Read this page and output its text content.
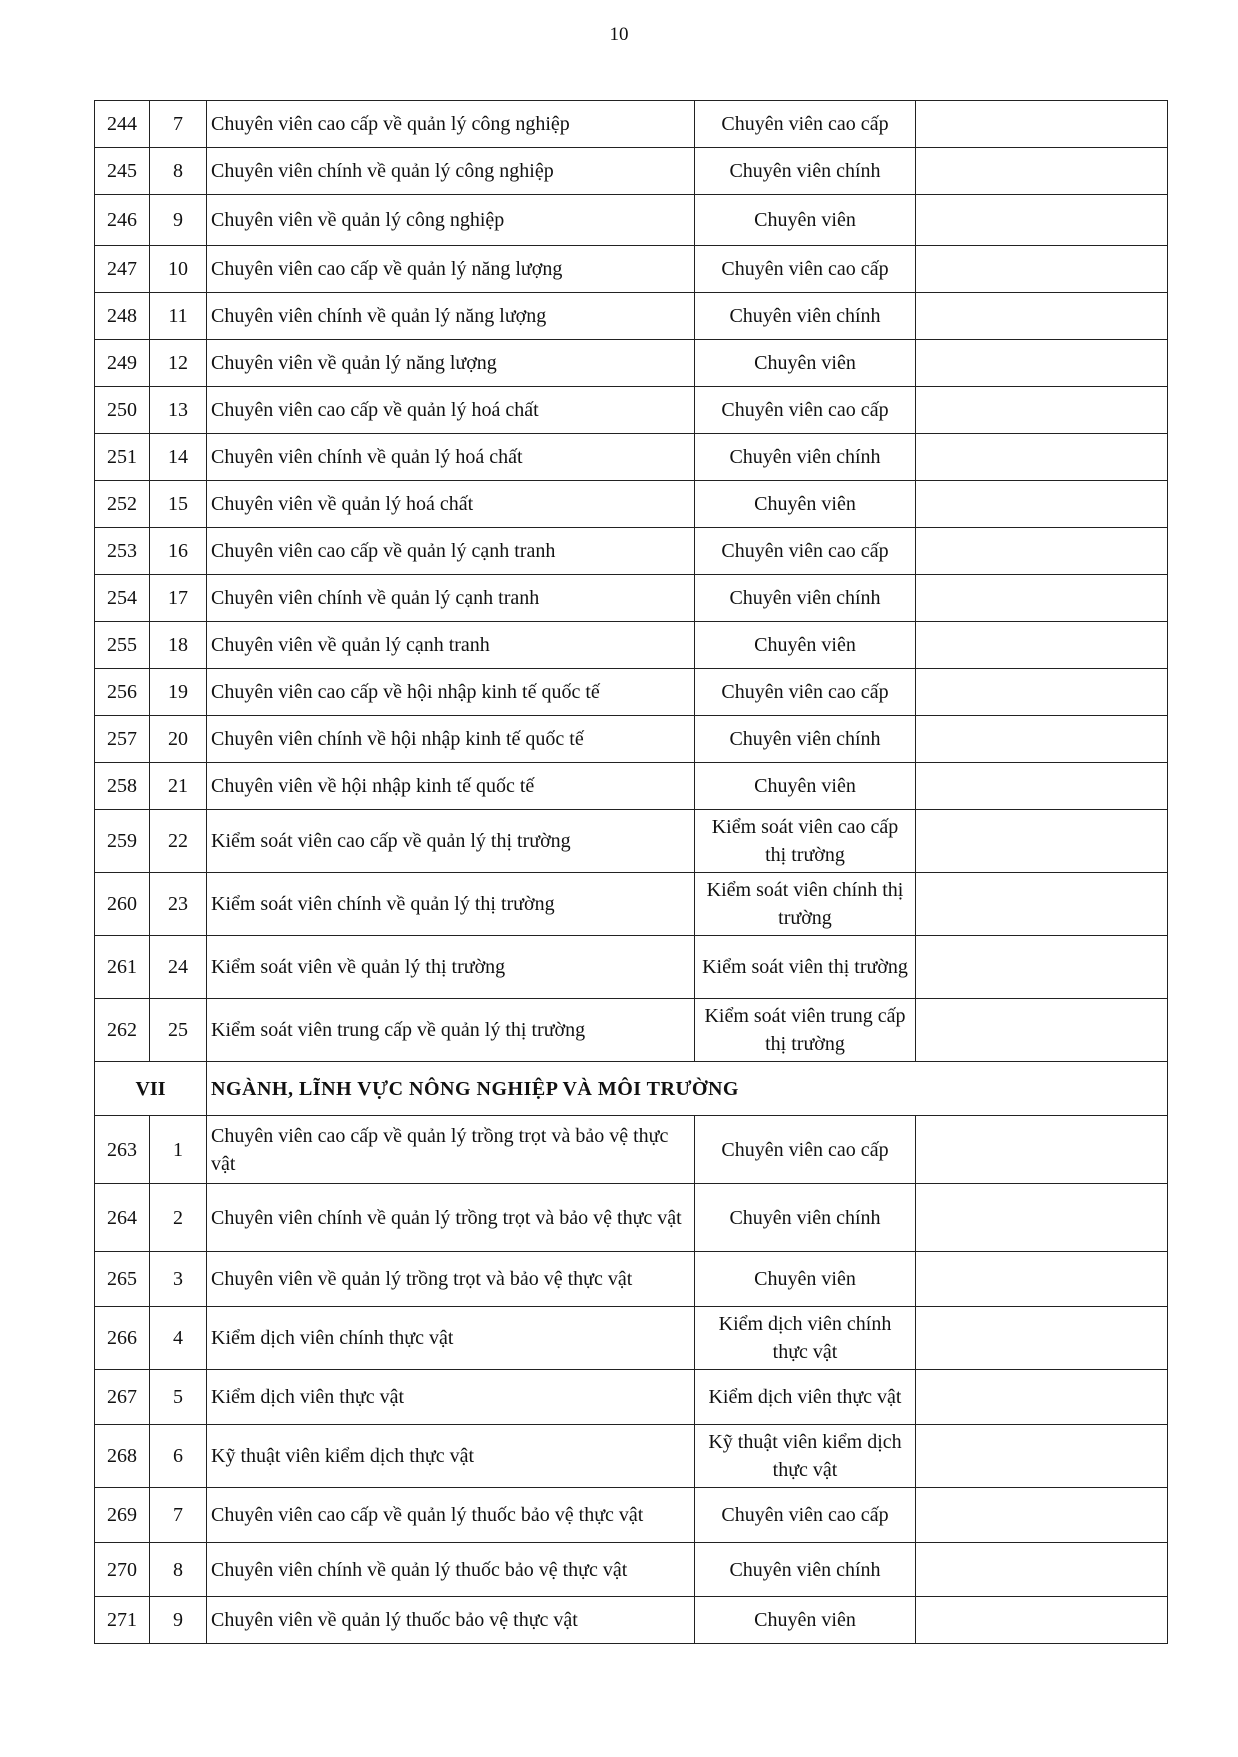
10
244	7	Chuyên viên cao cấp về quản lý công nghiệp	Chuyên viên cao cấp	
245	8	Chuyên viên chính về quản lý công nghiệp	Chuyên viên chính	
246	9	Chuyên viên về quản lý công nghiệp	Chuyên viên	
247	10	Chuyên viên cao cấp về quản lý năng lượng	Chuyên viên cao cấp	
248	11	Chuyên viên chính về quản lý năng lượng	Chuyên viên chính	
249	12	Chuyên viên về quản lý năng lượng	Chuyên viên	
250	13	Chuyên viên cao cấp về quản lý hoá chất	Chuyên viên cao cấp	
251	14	Chuyên viên chính về quản lý hoá chất	Chuyên viên chính	
252	15	Chuyên viên về quản lý hoá chất	Chuyên viên	
253	16	Chuyên viên cao cấp về quản lý cạnh tranh	Chuyên viên cao cấp	
254	17	Chuyên viên chính về quản lý cạnh tranh	Chuyên viên chính	
255	18	Chuyên viên về quản lý cạnh tranh	Chuyên viên	
256	19	Chuyên viên cao cấp về hội nhập kinh tế quốc tế	Chuyên viên cao cấp	
257	20	Chuyên viên chính về hội nhập kinh tế quốc tế	Chuyên viên chính	
258	21	Chuyên viên về hội nhập kinh tế quốc tế	Chuyên viên	
259	22	Kiểm soát viên cao cấp về quản lý thị trường	Kiểm soát viên cao cấp thị trường	
260	23	Kiểm soát viên chính về quản lý thị trường	Kiểm soát viên chính thị trường	
261	24	Kiểm soát viên về quản lý thị trường	Kiểm soát viên thị trường	
262	25	Kiểm soát viên trung cấp về quản lý thị trường	Kiểm soát viên trung cấp thị trường	
VII		NGÀNH, LĨNH VỰC NÔNG NGHIỆP VÀ MÔI TRƯỜNG		
263	1	Chuyên viên cao cấp về quản lý trồng trọt và bảo vệ thực vật	Chuyên viên cao cấp	
264	2	Chuyên viên chính về quản lý trồng trọt và bảo vệ thực vật	Chuyên viên chính	
265	3	Chuyên viên về quản lý trồng trọt và bảo vệ thực vật	Chuyên viên	
266	4	Kiểm dịch viên chính thực vật	Kiểm dịch viên chính thực vật	
267	5	Kiểm dịch viên thực vật	Kiểm dịch viên thực vật	
268	6	Kỹ thuật viên kiểm dịch thực vật	Kỹ thuật viên kiểm dịch thực vật	
269	7	Chuyên viên cao cấp về quản lý thuốc bảo vệ thực vật	Chuyên viên cao cấp	
270	8	Chuyên viên chính về quản lý thuốc bảo vệ thực vật	Chuyên viên chính	
271	9	Chuyên viên về quản lý thuốc bảo vệ thực vật	Chuyên viên	
